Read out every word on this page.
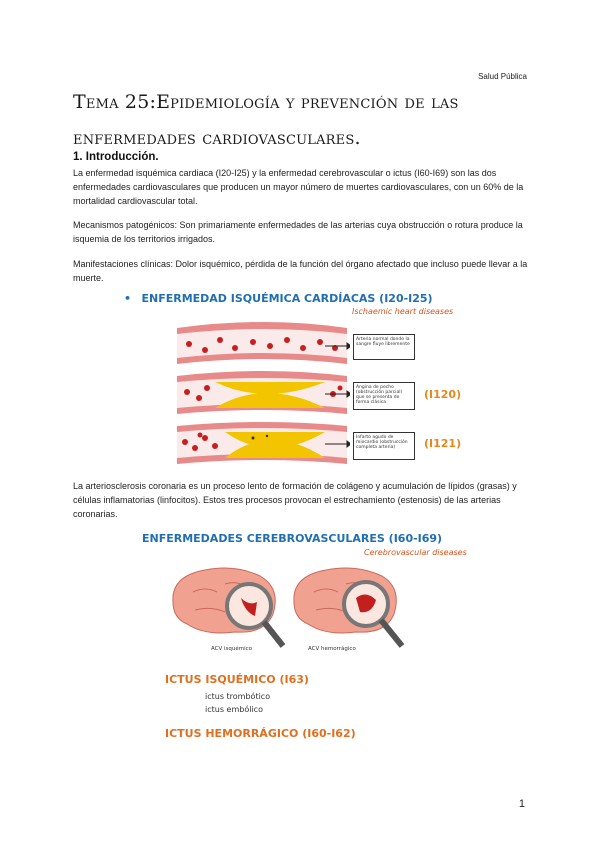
Salud Pública
Tema 25:Epidemiología y prevención de las enfermedades cardiovasculares.
1. Introducción.
La enfermedad isquémica cardiaca (I20-I25) y la enfermedad cerebrovascular o ictus (I60-I69) son las dos enfermedades cardiovasculares que producen un mayor número de muertes cardiovasculares, con un 60% de la mortalidad cardiovascular total.
Mecanismos patogénicos: Son primariamente enfermedades de las arterias cuya obstrucción o rotura produce la isquemia de los territorios irrigados.
Manifestaciones clínicas: Dolor isquémico, pérdida de la función del órgano afectado que incluso puede llevar a la muerte.
• ENFERMEDAD ISQUÉMICA CARDÍACAS (I20-I25)
Ischaemic heart diseases
Arteria normal donde la sangre fluye libremente
Angina de pecho (obstrucción parcial) que se presenta de forma clásica
Infarto agudo de miocardio (obstrucción completa arteria)
(I120)
(I121)
La arteriosclerosis coronaria es un proceso lento de formación de colágeno y acumulación de lípidos (grasas) y células inflamatorias (linfocitos). Estos tres procesos provocan el estrechamiento (estenosis) de las arterias coronarias.
ENFERMEDADES CEREBROVASCULARES (I60-I69)
Cerebrovascular diseases
ACV isquémico	ACV hemorrágico
ICTUS ISQUÉMICO (I63)
ictus trombótico
ictus embólico
ICTUS HEMORRÁGICO (I60-I62)
1
